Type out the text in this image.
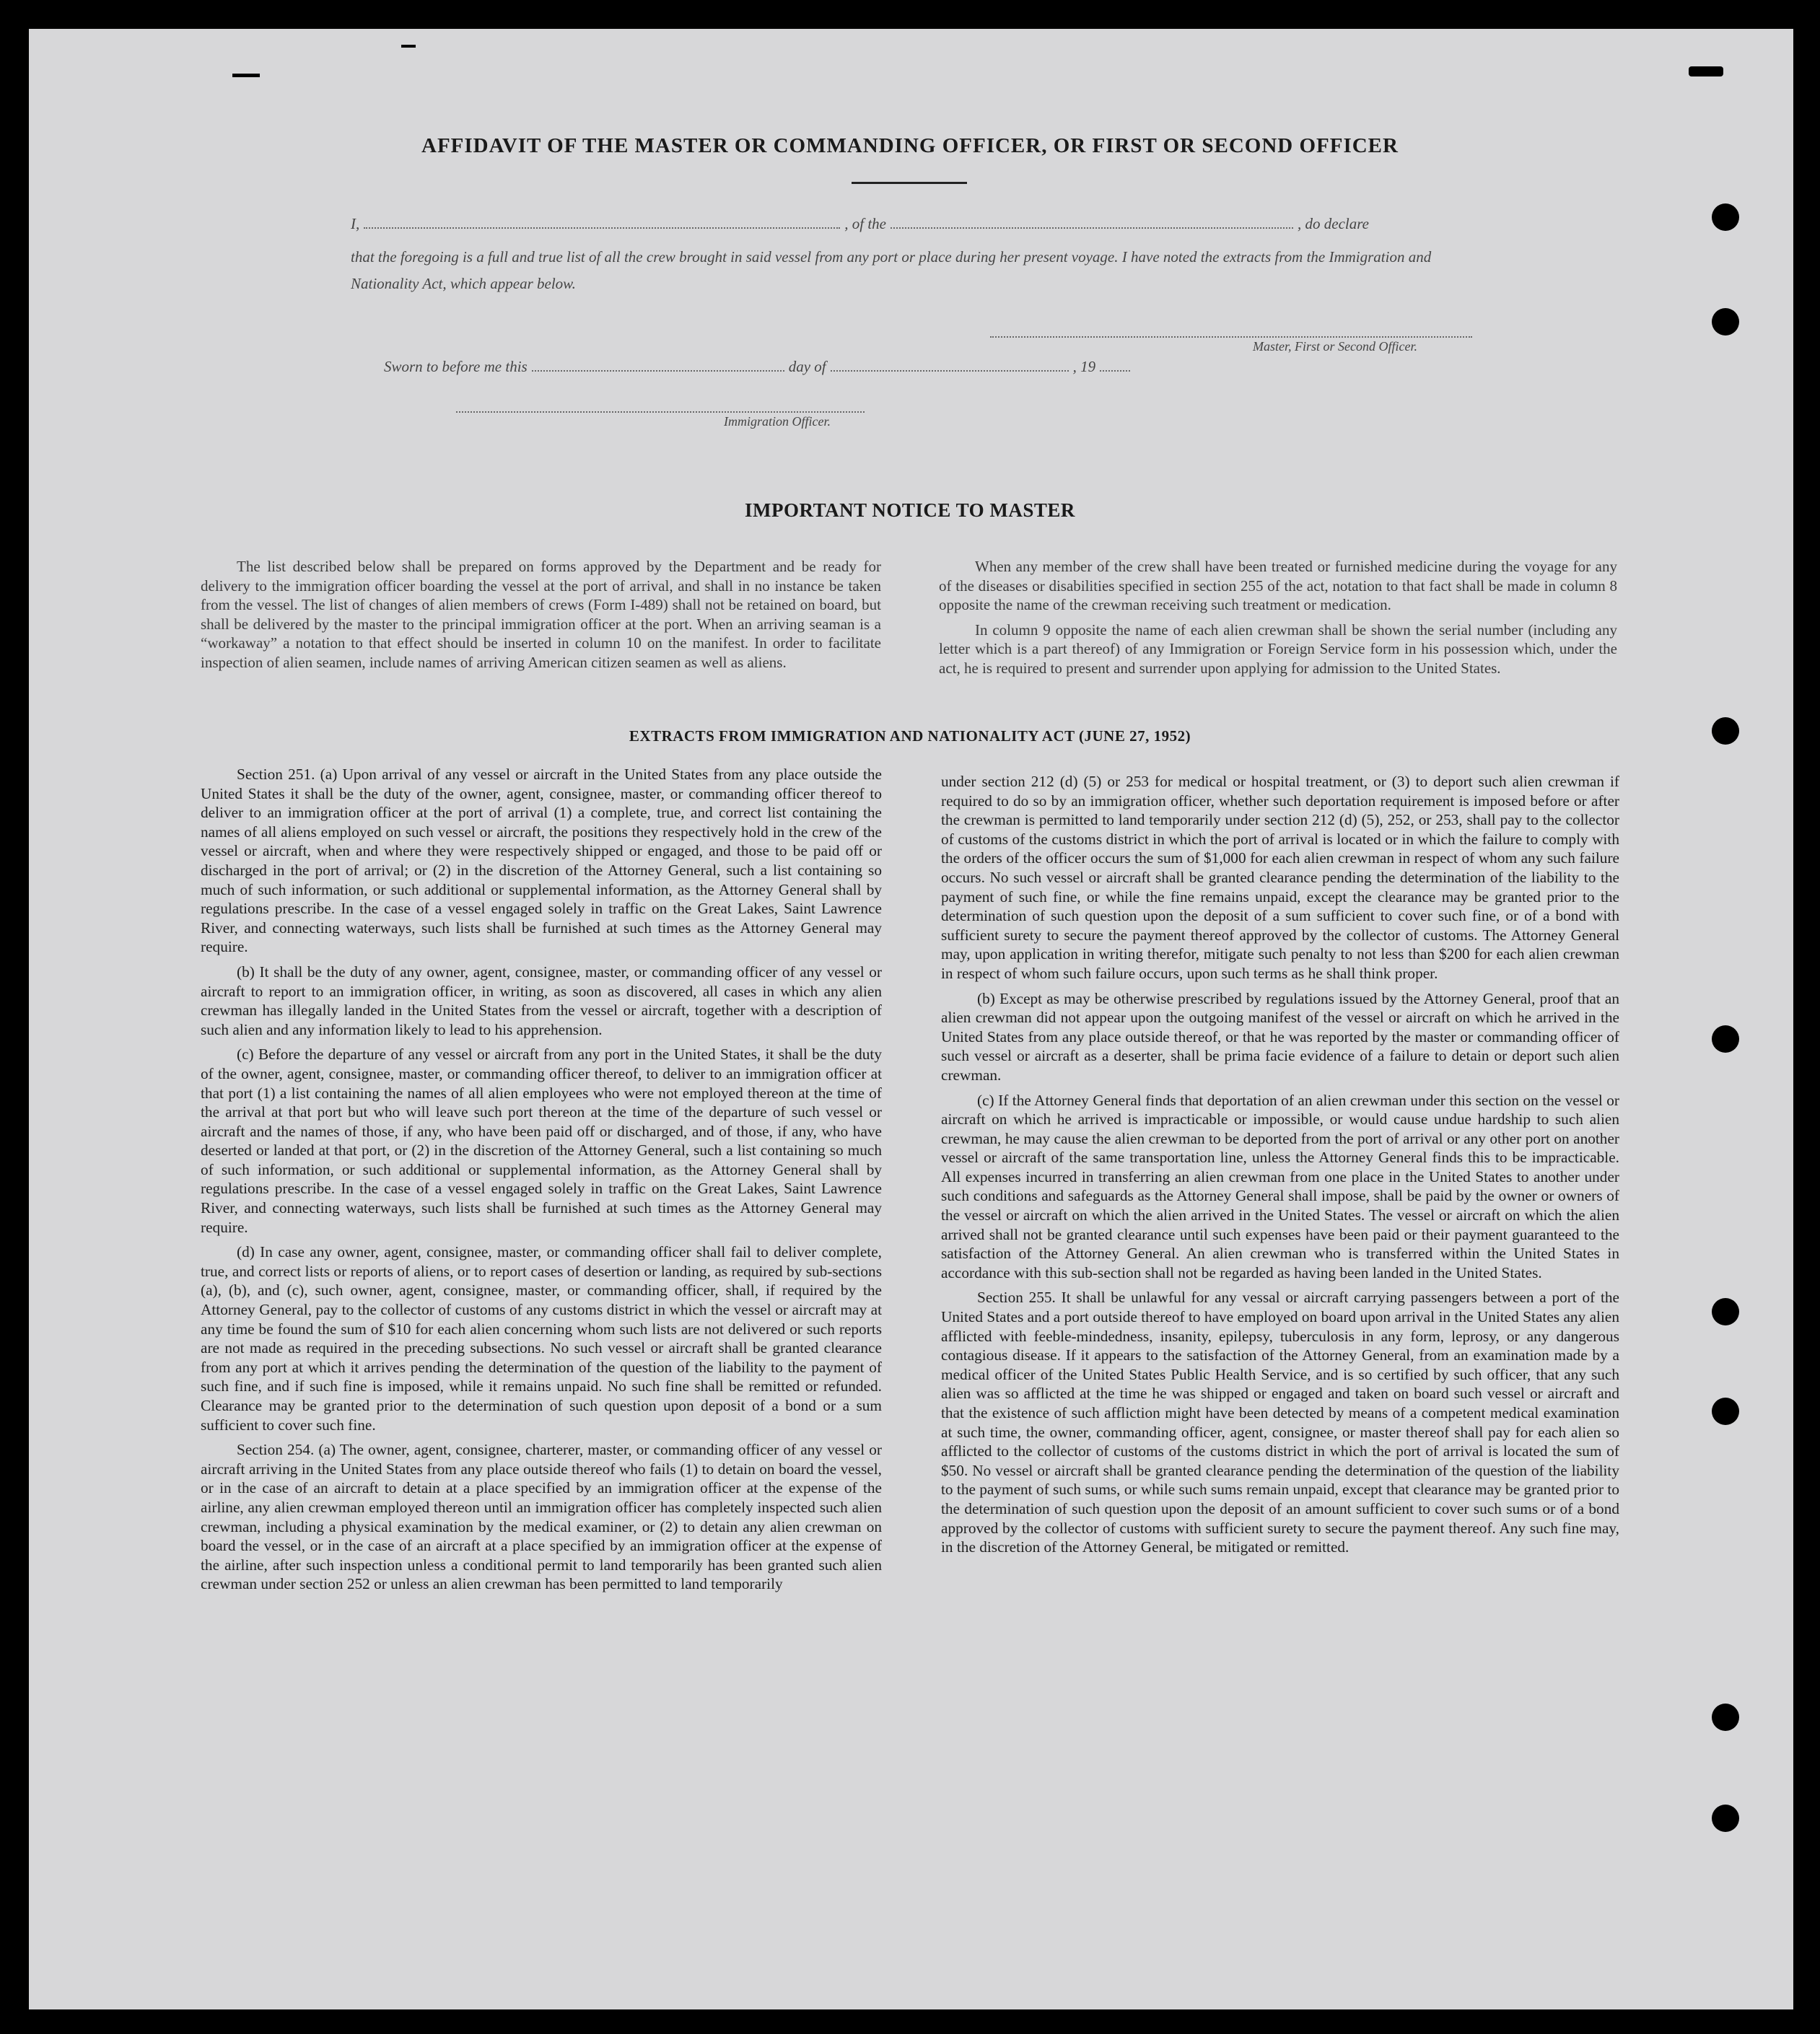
AFFIDAVIT OF THE MASTER OR COMMANDING OFFICER, OR FIRST OR SECOND OFFICER
I,	, of the	, do declare
that the foregoing is a full and true list of all the crew brought in said vessel from any port or place during her present voyage. I have noted the extracts from the Immigration and Nationality Act, which appear below.
Master, First or Second Officer.
Sworn to before me this	day of	, 19
Immigration Officer.
IMPORTANT NOTICE TO MASTER

The list described below shall be prepared on forms approved by the Department and be ready for delivery to the immigration officer boarding the vessel at the port of arrival, and shall in no instance be taken from the vessel. The list of changes of alien members of crews (Form I-489) shall not be retained on board, but shall be delivered by the master to the principal immigration officer at the port. When an arriving seaman is a “workaway” a notation to that effect should be inserted in column 10 on the manifest. In order to facilitate inspection of alien seamen, include names of arriving American citizen seamen as well as aliens.

When any member of the crew shall have been treated or furnished medicine during the voyage for any of the diseases or disabilities specified in section 255 of the act, notation to that fact shall be made in column 8 opposite the name of the crewman receiving such treatment or medication.

In column 9 opposite the name of each alien crewman shall be shown the serial number (including any letter which is a part thereof) of any Immigration or Foreign Service form in his possession which, under the act, he is required to present and surrender upon applying for admission to the United States.

EXTRACTS FROM IMMIGRATION AND NATIONALITY ACT (JUNE 27, 1952)

Section 251. (a) Upon arrival of any vessel or aircraft in the United States from any place outside the United States it shall be the duty of the owner, agent, consignee, master, or commanding officer thereof to deliver to an immigration officer at the port of arrival (1) a complete, true, and correct list containing the names of all aliens employed on such vessel or aircraft, the positions they respectively hold in the crew of the vessel or aircraft, when and where they were respectively shipped or engaged, and those to be paid off or discharged in the port of arrival; or (2) in the discretion of the Attorney General, such a list containing so much of such information, or such additional or supplemental information, as the Attorney General shall by regulations prescribe. In the case of a vessel engaged solely in traffic on the Great Lakes, Saint Lawrence River, and connecting waterways, such lists shall be furnished at such times as the Attorney General may require.

(b) It shall be the duty of any owner, agent, consignee, master, or commanding officer of any vessel or aircraft to report to an immigration officer, in writing, as soon as discovered, all cases in which any alien crewman has illegally landed in the United States from the vessel or aircraft, together with a description of such alien and any information likely to lead to his apprehension.

(c) Before the departure of any vessel or aircraft from any port in the United States, it shall be the duty of the owner, agent, consignee, master, or commanding officer thereof, to deliver to an immigration officer at that port (1) a list containing the names of all alien employees who were not employed thereon at the time of the arrival at that port but who will leave such port thereon at the time of the departure of such vessel or aircraft and the names of those, if any, who have been paid off or discharged, and of those, if any, who have deserted or landed at that port, or (2) in the discretion of the Attorney General, such a list containing so much of such information, or such additional or supplemental information, as the Attorney General shall by regulations prescribe. In the case of a vessel engaged solely in traffic on the Great Lakes, Saint Lawrence River, and connecting waterways, such lists shall be furnished at such times as the Attorney General may require.

(d) In case any owner, agent, consignee, master, or commanding officer shall fail to deliver complete, true, and correct lists or reports of aliens, or to report cases of desertion or landing, as required by sub-sections (a), (b), and (c), such owner, agent, consignee, master, or commanding officer, shall, if required by the Attorney General, pay to the collector of customs of any customs district in which the vessel or aircraft may at any time be found the sum of $10 for each alien concerning whom such lists are not delivered or such reports are not made as required in the preceding subsections. No such vessel or aircraft shall be granted clearance from any port at which it arrives pending the determination of the question of the liability to the payment of such fine, and if such fine is imposed, while it remains unpaid. No such fine shall be remitted or refunded. Clearance may be granted prior to the determination of such question upon deposit of a bond or a sum sufficient to cover such fine.

Section 254. (a) The owner, agent, consignee, charterer, master, or commanding officer of any vessel or aircraft arriving in the United States from any place outside thereof who fails (1) to detain on board the vessel, or in the case of an aircraft to detain at a place specified by an immigration officer at the expense of the airline, any alien crewman employed thereon until an immigration officer has completely inspected such alien crewman, including a physical examination by the medical examiner, or (2) to detain any alien crewman on board the vessel, or in the case of an aircraft at a place specified by an immigration officer at the expense of the airline, after such inspection unless a conditional permit to land temporarily has been granted such alien crewman under section 252 or unless an alien crewman has been permitted to land temporarily

under section 212 (d) (5) or 253 for medical or hospital treatment, or (3) to deport such alien crewman if required to do so by an immigration officer, whether such deportation requirement is imposed before or after the crewman is permitted to land temporarily under section 212 (d) (5), 252, or 253, shall pay to the collector of customs of the customs district in which the port of arrival is located or in which the failure to comply with the orders of the officer occurs the sum of $1,000 for each alien crewman in respect of whom any such failure occurs. No such vessel or aircraft shall be granted clearance pending the determination of the liability to the payment of such fine, or while the fine remains unpaid, except the clearance may be granted prior to the determination of such question upon the deposit of a sum sufficient to cover such fine, or of a bond with sufficient surety to secure the payment thereof approved by the collector of customs. The Attorney General may, upon application in writing therefor, mitigate such penalty to not less than $200 for each alien crewman in respect of whom such failure occurs, upon such terms as he shall think proper.

(b) Except as may be otherwise prescribed by regulations issued by the Attorney General, proof that an alien crewman did not appear upon the outgoing manifest of the vessel or aircraft on which he arrived in the United States from any place outside thereof, or that he was reported by the master or commanding officer of such vessel or aircraft as a deserter, shall be prima facie evidence of a failure to detain or deport such alien crewman.

(c) If the Attorney General finds that deportation of an alien crewman under this section on the vessel or aircraft on which he arrived is impracticable or impossible, or would cause undue hardship to such alien crewman, he may cause the alien crewman to be deported from the port of arrival or any other port on another vessel or aircraft of the same transportation line, unless the Attorney General finds this to be impracticable. All expenses incurred in transferring an alien crewman from one place in the United States to another under such conditions and safeguards as the Attorney General shall impose, shall be paid by the owner or owners of the vessel or aircraft on which the alien arrived in the United States. The vessel or aircraft on which the alien arrived shall not be granted clearance until such expenses have been paid or their payment guaranteed to the satisfaction of the Attorney General. An alien crewman who is transferred within the United States in accordance with this sub-section shall not be regarded as having been landed in the United States.

Section 255. It shall be unlawful for any vessal or aircraft carrying passengers between a port of the United States and a port outside thereof to have employed on board upon arrival in the United States any alien afflicted with feeble-mindedness, insanity, epilepsy, tuberculosis in any form, leprosy, or any dangerous contagious disease. If it appears to the satisfaction of the Attorney General, from an examination made by a medical officer of the United States Public Health Service, and is so certified by such officer, that any such alien was so afflicted at the time he was shipped or engaged and taken on board such vessel or aircraft and that the existence of such affliction might have been detected by means of a competent medical examination at such time, the owner, commanding officer, agent, consignee, or master thereof shall pay for each alien so afflicted to the collector of customs of the customs district in which the port of arrival is located the sum of $50. No vessel or aircraft shall be granted clearance pending the determination of the question of the liability to the payment of such sums, or while such sums remain unpaid, except that clearance may be granted prior to the determination of such question upon the deposit of an amount sufficient to cover such sums or of a bond approved by the collector of customs with sufficient surety to secure the payment thereof. Any such fine may, in the discretion of the Attorney General, be mitigated or remitted.
